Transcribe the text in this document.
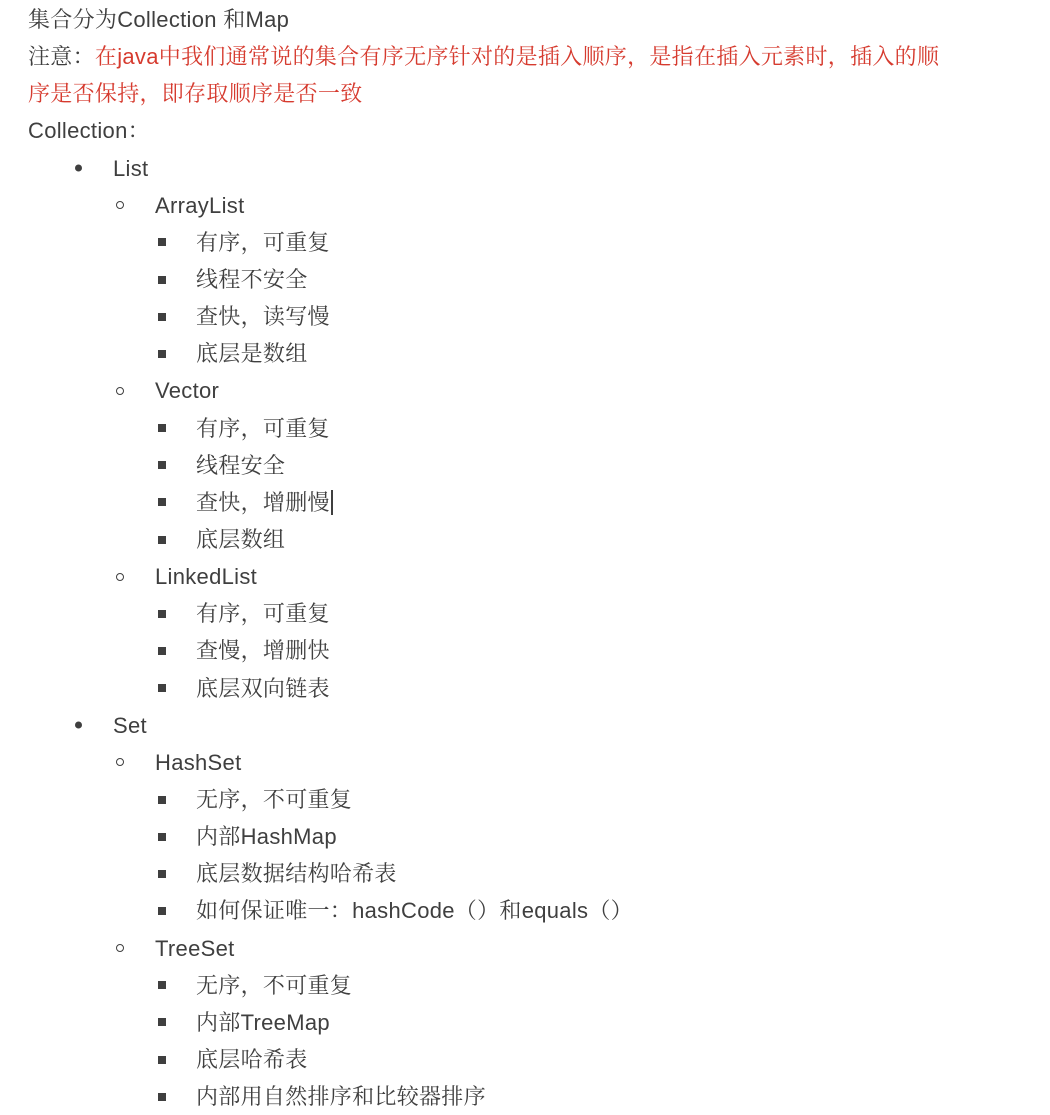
集合分为Collection 和Map
注意：在java中我们通常说的集合有序无序针对的是插入顺序，是指在插入元素时，插入的顺
序是否保持，即存取顺序是否一致
Collection：
List
ArrayList
有序，可重复
线程不安全
查快，读写慢
底层是数组
Vector
有序，可重复
线程安全
查快，增删慢
底层数组
LinkedList
有序，可重复
查慢，增删快
底层双向链表
Set
HashSet
无序，不可重复
内部HashMap
底层数据结构哈希表
如何保证唯一：hashCode（）和equals（）
TreeSet
无序，不可重复
内部TreeMap
底层哈希表
内部用自然排序和比较器排序
